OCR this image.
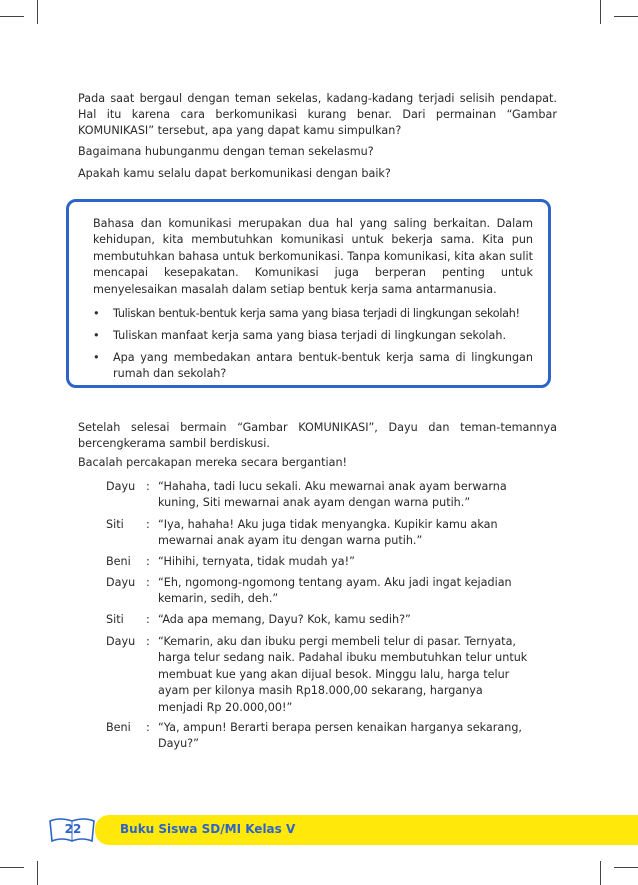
Pada saat bergaul dengan teman sekelas, kadang-kadang terjadi selisih pendapat. Hal itu karena cara berkomunikasi kurang benar. Dari permainan “Gambar KOMUNIKASI” tersebut, apa yang dapat kamu simpulkan?

Bagaimana hubunganmu dengan teman sekelasmu?

Apakah kamu selalu dapat berkomunikasi dengan baik?

Bahasa dan komunikasi merupakan dua hal yang saling berkaitan. Dalam kehidupan, kita membutuhkan komunikasi untuk bekerja sama. Kita pun membutuhkan bahasa untuk berkomunikasi. Tanpa komunikasi, kita akan sulit mencapai kesepakatan. Komunikasi juga berperan penting untuk menyelesaikan masalah dalam setiap bentuk kerja sama antarmanusia.

• Tuliskan bentuk-bentuk kerja sama yang biasa terjadi di lingkungan sekolah!
• Tuliskan manfaat kerja sama yang biasa terjadi di lingkungan sekolah.
• Apa yang membedakan antara bentuk-bentuk kerja sama di lingkungan rumah dan sekolah?

Setelah selesai bermain “Gambar KOMUNIKASI”, Dayu dan teman-temannya bercengkerama sambil berdiskusi.

Bacalah percakapan mereka secara bergantian!

Dayu : “Hahaha, tadi lucu sekali. Aku mewarnai anak ayam berwarna kuning, Siti mewarnai anak ayam dengan warna putih.”
Siti	: “Iya, hahaha! Aku juga tidak menyangka. Kupikir kamu akan mewarnai anak ayam itu dengan warna putih.”
Beni	: “Hihihi, ternyata, tidak mudah ya!”
Dayu : “Eh, ngomong-ngomong tentang ayam. Aku jadi ingat kejadian kemarin, sedih, deh.”
Siti	: “Ada apa memang, Dayu? Kok, kamu sedih?”
Dayu : “Kemarin, aku dan ibuku pergi membeli telur di pasar. Ternyata, harga telur sedang naik. Padahal ibuku membutuhkan telur untuk membuat kue yang akan dijual besok. Minggu lalu, harga telur ayam per kilonya masih Rp18.000,00 sekarang, harganya menjadi Rp 20.000,00!”
Beni	: “Ya, ampun! Berarti berapa persen kenaikan harganya sekarang, Dayu?”
22	Buku Siswa SD/MI Kelas V
